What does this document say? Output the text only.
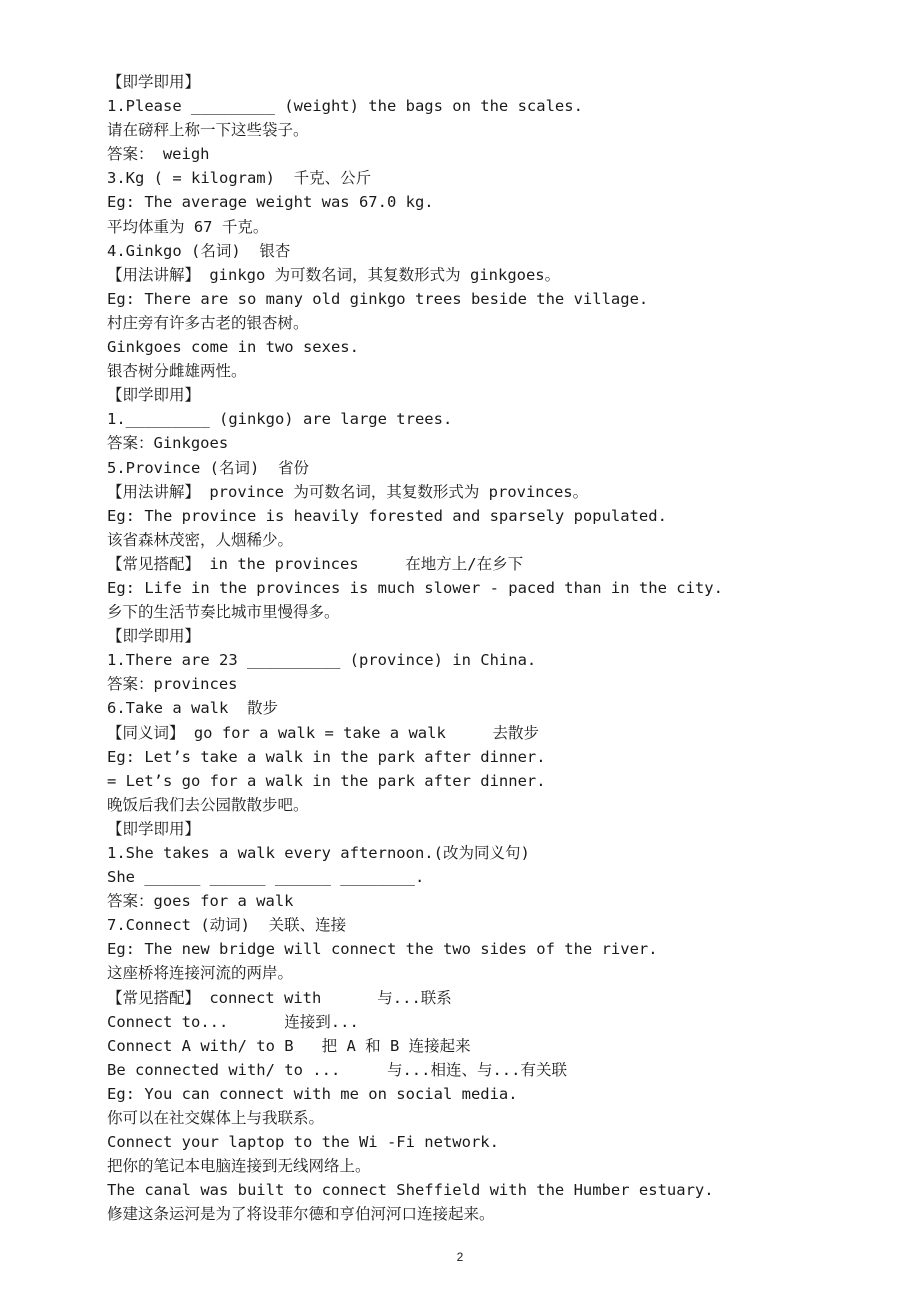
【即学即用】
1.Please _________ (weight) the bags on the scales.
请在磅秤上称一下这些袋子。
答案： weigh
3.Kg ( = kilogram)  千克、公斤
Eg: The average weight was 67.0 kg.
平均体重为 67 千克。
4.Ginkgo (名词)  银杏
【用法讲解】 ginkgo 为可数名词，其复数形式为 ginkgoes。
Eg: There are so many old ginkgo trees beside the village.
村庄旁有许多古老的银杏树。
Ginkgoes come in two sexes.
银杏树分雌雄两性。
【即学即用】
1._________ (ginkgo) are large trees.
答案：Ginkgoes
5.Province (名词)  省份
【用法讲解】 province 为可数名词，其复数形式为 provinces。
Eg: The province is heavily forested and sparsely populated.
该省森林茂密，人烟稀少。
【常见搭配】 in the provinces     在地方上/在乡下
Eg: Life in the provinces is much slower - paced than in the city.
乡下的生活节奏比城市里慢得多。
【即学即用】
1.There are 23 __________ (province) in China.
答案：provinces
6.Take a walk  散步
【同义词】 go for a walk = take a walk     去散步
Eg: Let’s take a walk in the park after dinner.
= Let’s go for a walk in the park after dinner.
晚饭后我们去公园散散步吧。
【即学即用】
1.She takes a walk every afternoon.(改为同义句)
She ______ ______ ______ ________.
答案：goes for a walk
7.Connect (动词)  关联、连接
Eg: The new bridge will connect the two sides of the river.
这座桥将连接河流的两岸。
【常见搭配】 connect with      与...联系
Connect to...      连接到...
Connect A with/ to B   把 A 和 B 连接起来
Be connected with/ to ...     与...相连、与...有关联
Eg: You can connect with me on social media.
你可以在社交媒体上与我联系。
Connect your laptop to the Wi -Fi network.
把你的笔记本电脑连接到无线网络上。
The canal was built to connect Sheffield with the Humber estuary.
修建这条运河是为了将设菲尔德和亨伯河河口连接起来。
2
